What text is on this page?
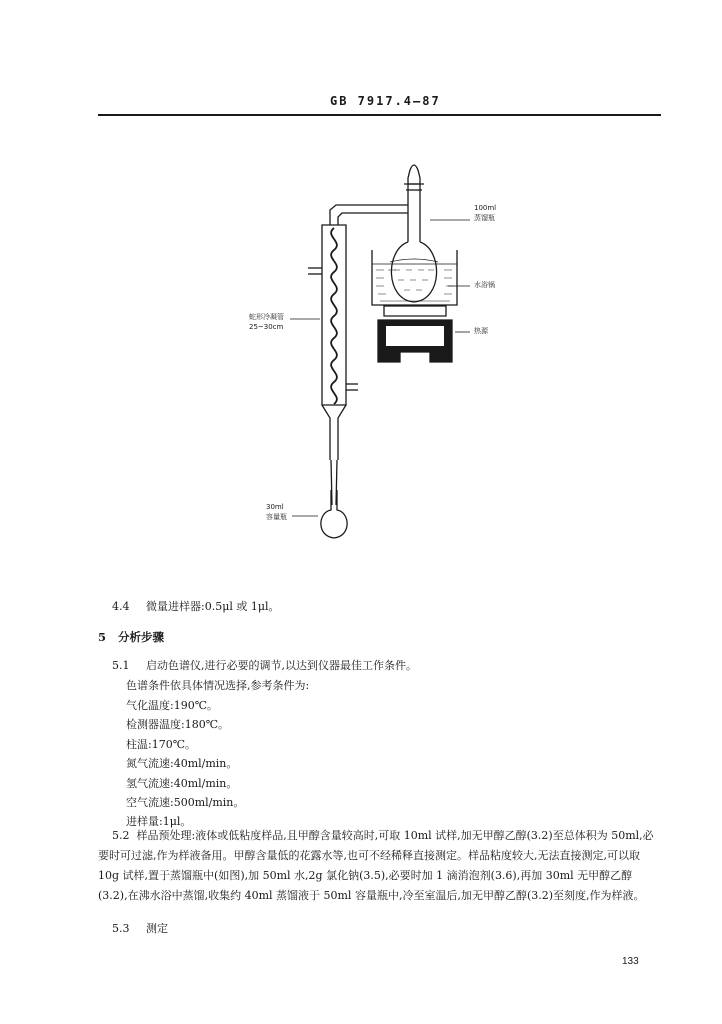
GB 7917.4—87
100ml
蒸馏瓶
水浴锅
热源
蛇形冷凝管
25~30cm
30ml
容量瓶
4.4 微量进样器:0.5μl 或 1μl。
5 分析步骤
5.1 启动色谱仪,进行必要的调节,以达到仪器最佳工作条件。
色谱条件依具体情况选择,参考条件为:
气化温度:190℃。
检测器温度:180℃。
柱温:170℃。
氮气流速:40ml/min。
氢气流速:40ml/min。
空气流速:500ml/min。
进样量:1μl。
5.2 样品预处理:液体或低粘度样品,且甲醇含量较高时,可取 10ml 试样,加无甲醇乙醇(3.2)至总体积为 50ml,必要时可过滤,作为样液备用。甲醇含量低的花露水等,也可不经稀释直接测定。样品粘度较大,无法直接测定,可以取 10g 试样,置于蒸馏瓶中(如图),加 50ml 水,2g 氯化钠(3.5),必要时加 1 滴消泡剂(3.6),再加 30ml 无甲醇乙醇(3.2),在沸水浴中蒸馏,收集约 40ml 蒸馏液于 50ml 容量瓶中,冷至室温后,加无甲醇乙醇(3.2)至刻度,作为样液。
5.3 测定
133
